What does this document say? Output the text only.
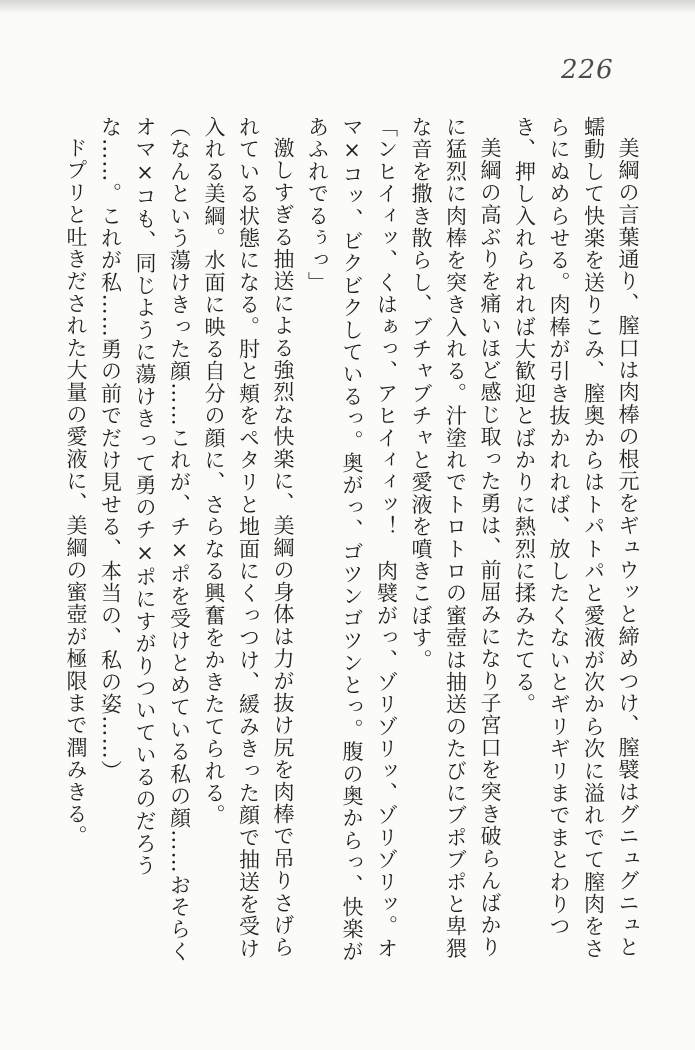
226

美綱の言葉通り、膣口は肉棒の根元をギュウッと締めつけ、膣襞はグニュグニュと蠕動して快楽を送りこみ、膣奥からはトパトパと愛液が次から次に溢れでて膣肉をさらにぬめらせる。肉棒が引き抜かれれば、放したくないとギリギリまでまとわりつき、押し入れられれば大歓迎とばかりに熱烈に揉みたてる。

美綱の高ぶりを痛いほど感じ取った勇は、前屈みになり子宮口を突き破らんばかりに猛烈に肉棒を突き入れる。汁塗れでトロトロの蜜壺は抽送のたびにブポブポと卑猥な音を撒き散らし、ブチャブチャと愛液を噴きこぼす。

「ンヒイィッ、くはぁっ、アヒイィィッ！　肉襞がっ、ゾリゾリッ、ゾリゾリッ。オマ×コッ、ビクビクしているっ。奥がっ、ゴツンゴツンとっ。腹の奥からっ、快楽があふれでるぅっ」

激しすぎる抽送による強烈な快楽に、美綱の身体は力が抜け尻を肉棒で吊りさげられている状態になる。肘と頬をペタリと地面にくっつけ、緩みきった顔で抽送を受け入れる美綱。水面に映る自分の顔に、さらなる興奮をかきたてられる。

（なんという蕩けきった顔……これが、チ×ポを受けとめている私の顔……おそらくオマ×コも、同じように蕩けきって勇のチ×ポにすがりついているのだろうな……。これが私……勇の前でだけ見せる、本当の、私の姿……）

ドプリと吐きだされた大量の愛液に、美綱の蜜壺が極限まで潤みきる。
